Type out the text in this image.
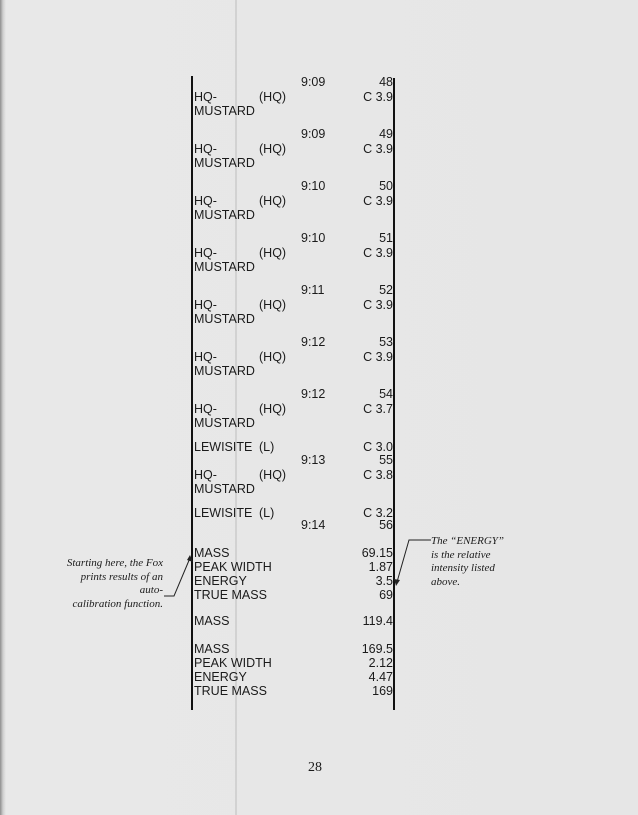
Starting here, the Fox
prints results of an auto-
calibration function.
The “ENERGY”
is the relative
intensity listed
above.
28
9:09	48
HQ-	(HQ)	C 3.9
MUSTARD
9:09	49
HQ-	(HQ)	C 3.9
MUSTARD
9:10	50
HQ-	(HQ)	C 3.9
MUSTARD
9:10	51
HQ-	(HQ)	C 3.9
MUSTARD
9:11	52
HQ-	(HQ)	C 3.9
MUSTARD
9:12	53
HQ-	(HQ)	C 3.9
MUSTARD
9:12	54
HQ-	(HQ)	C 3.7
MUSTARD
LEWISITE (L)	C 3.0
9:13	55
HQ-	(HQ)	C 3.8
MUSTARD
LEWISITE (L)	C 3.2
9:14	56
MASS	69.15
PEAK WIDTH	1.87
ENERGY	3.5
TRUE MASS	69
MASS	119.4
MASS	169.5
PEAK WIDTH	2.12
ENERGY	4.47
TRUE MASS	169
